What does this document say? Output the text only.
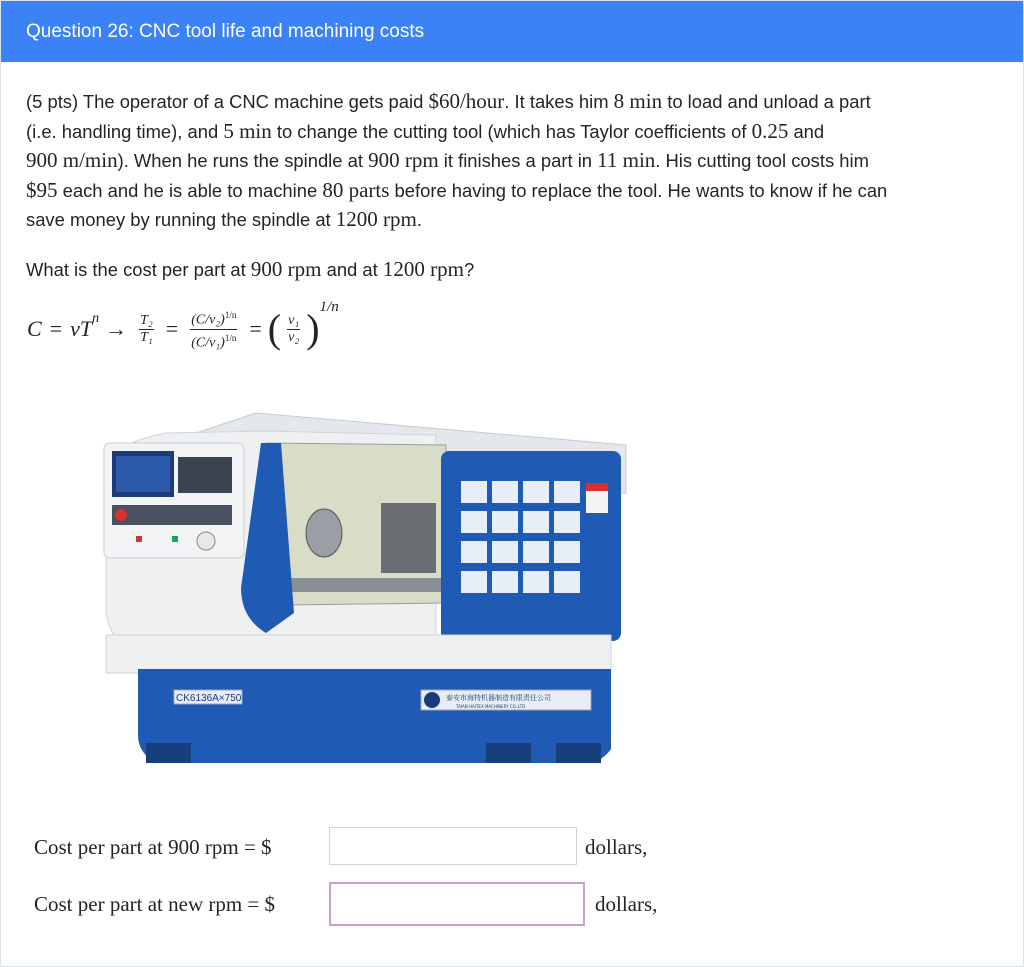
Question 26: CNC tool life and machining costs
(5 pts) The operator of a CNC machine gets paid $60/hour. It takes him 8 min to load and unload a part
(i.e. handling time), and 5 min to change the cutting tool (which has Taylor coefficients of 0.25 and
900 m/min). When he runs the spindle at 900 rpm it finishes a part in 11 min. His cutting tool costs him
$95 each and he is able to machine 80 parts before having to replace the tool. He wants to know if he can
save money by running the spindle at 1200 rpm.
What is the cost per part at 900 rpm and at 1200 rpm?
C = v $T^n \to \frac{\text{T₂}}{\text{T₁}} = \frac{(C/v_2)^{1/n}}{(C/v_1)^{1/n}}$ = ( $\frac{\text{v₁}}{\text{v₂}} )^{1/n}$
CK6136A×750	泰安市海特机器制造有限责任公司
TAIAN HAITEX MACHINERY CO.,LTD
Cost per part at 900 rpm = $	dollars,
Cost per part at new rpm = $	dollars,
